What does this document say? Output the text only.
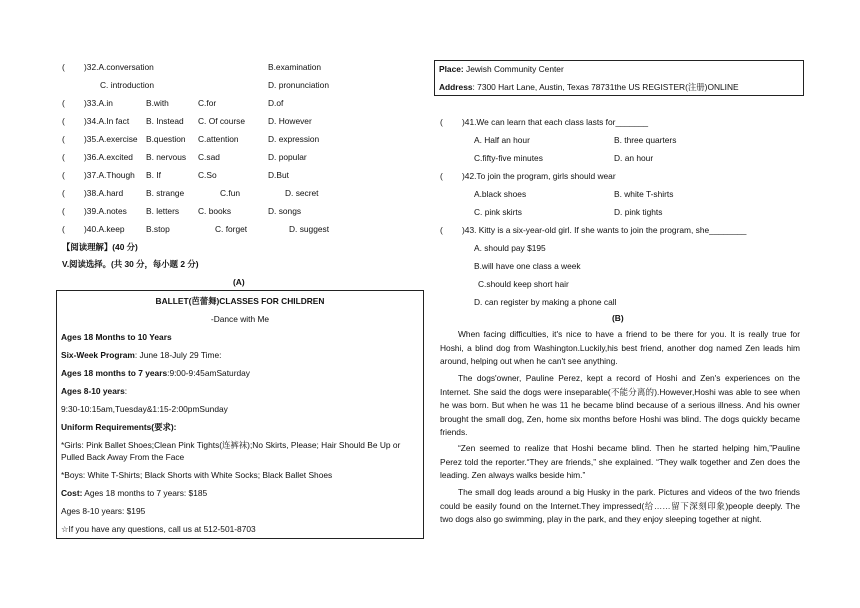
( )32.A.conversation	B.examination
C. introduction	D. pronunciation
( )33.A.in	B.with	C.for	D.of
( )34.A.In fact B. Instead C. Of course	D. However
( )35.A.exercise B.question C.attention	D. expression
( )36.A.excited B. nervous C.sad	D. popular
( )37.A.Though B. If	C.So	D.But
( )38.A.hard	B. strange	C.fun	D. secret
( )39.A.notes B. letters C. books	D. songs
( )40.A.keep	B.stop	C. forget	D. suggest
【阅读理解】(40 分)
V.阅读选择。(共 30 分，每小题 2 分)
(A)
BALLET(芭蕾舞)CLASSES FOR CHILDREN
-Dance with Me
Ages 18 Months to 10 Years
Six-Week Program: June 18-July 29 Time:
Ages 18 months to 7 years:9:00-9:45amSaturday
Ages 8-10 years:
9:30-10:15am,Tuesday&1:15-2:00pmSunday
Uniform Requirements(要求):
*Girls: Pink Ballet Shoes;Clean Pink Tights(连裤袜);No Skirts, Please; Hair Should Be Up or
Pulled Back Away From the Face
*Boys: White T-Shirts; Black Shorts with White Socks; Black Ballet Shoes
Cost: Ages 18 months to 7 years: $185
Ages 8-10 years: $195
☆If you have any questions, call us at 512-501-8703
Place: Jewish Community Center
Address: 7300 Hart Lane, Austin, Texas 78731the US REGISTER(注册)ONLINE
( )41.We can learn that each class lasts for_______
A. Half an hour	B. three quarters
C.fifty-five minutes	D. an hour
( )42.To join the program, girls should wear
A.black shoes	B. white T-shirts
C. pink skirts	D. pink tights
( )43. Kitty is a six-year-old girl. If she wants to join the program, she________
A. should pay $195
B.will have one class a week
C.should keep short hair
D. can register by making a phone call
(B)
When facing difficulties, it's nice to have a friend to be there for you. It is really true for Hoshi, a blind dog from Washington.Luckily,his best friend, another dog named Zen leads him around, helping out when he can't see anything.
The dogs'owner, Pauline Perez, kept a record of Hoshi and Zen's experiences on the Internet. She said the dogs were inseparable(不能分离的).However,Hoshi was able to see when he was born. But when he was 11 he became blind because of a serious illness. And his owner brought the small dog, Zen, home six months before Hoshi was blind. The dogs quickly became friends.
“Zen seemed to realize that Hoshi became blind. Then he started helping him,”Pauline Perez told the reporter.“They are friends,” she explained. “They walk together and Zen does the leading. Zen always walks beside him.”
The small dog leads around a big Husky in the park. Pictures and videos of the two friends could be easily found on the Internet.They impressed(给……留下深刻印象)people deeply. The two dogs also go swimming, play in the park, and they enjoy sleeping together at night.
